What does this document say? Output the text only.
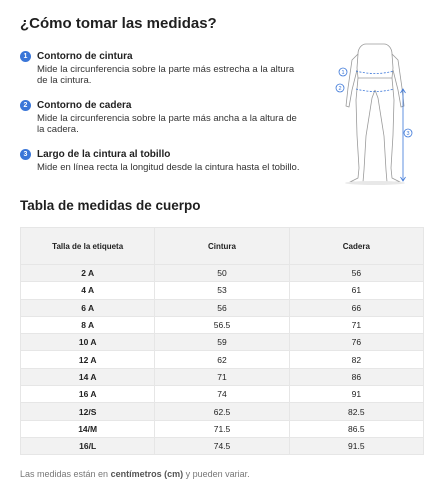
¿Cómo tomar las medidas?
1 Contorno de cintura
Mide la circunferencia sobre la parte más estrecha a la altura de la cintura.
2 Contorno de cadera
Mide la circunferencia sobre la parte más ancha a la altura de la cadera.
3 Largo de la cintura al tobillo
Mide en línea recta la longitud desde la cintura hasta el tobillo.
1
2
3
Tabla de medidas de cuerpo
Talla de la etiqueta	Cintura	Cadera
2 A	50	56
4 A	53	61
6 A	56	66
8 A	56.5	71
10 A	59	76
12 A	62	82
14 A	71	86
16 A	74	91
12/S	62.5	82.5
14/M	71.5	86.5
16/L	74.5	91.5

Las medidas están en centímetros (cm) y pueden variar.
